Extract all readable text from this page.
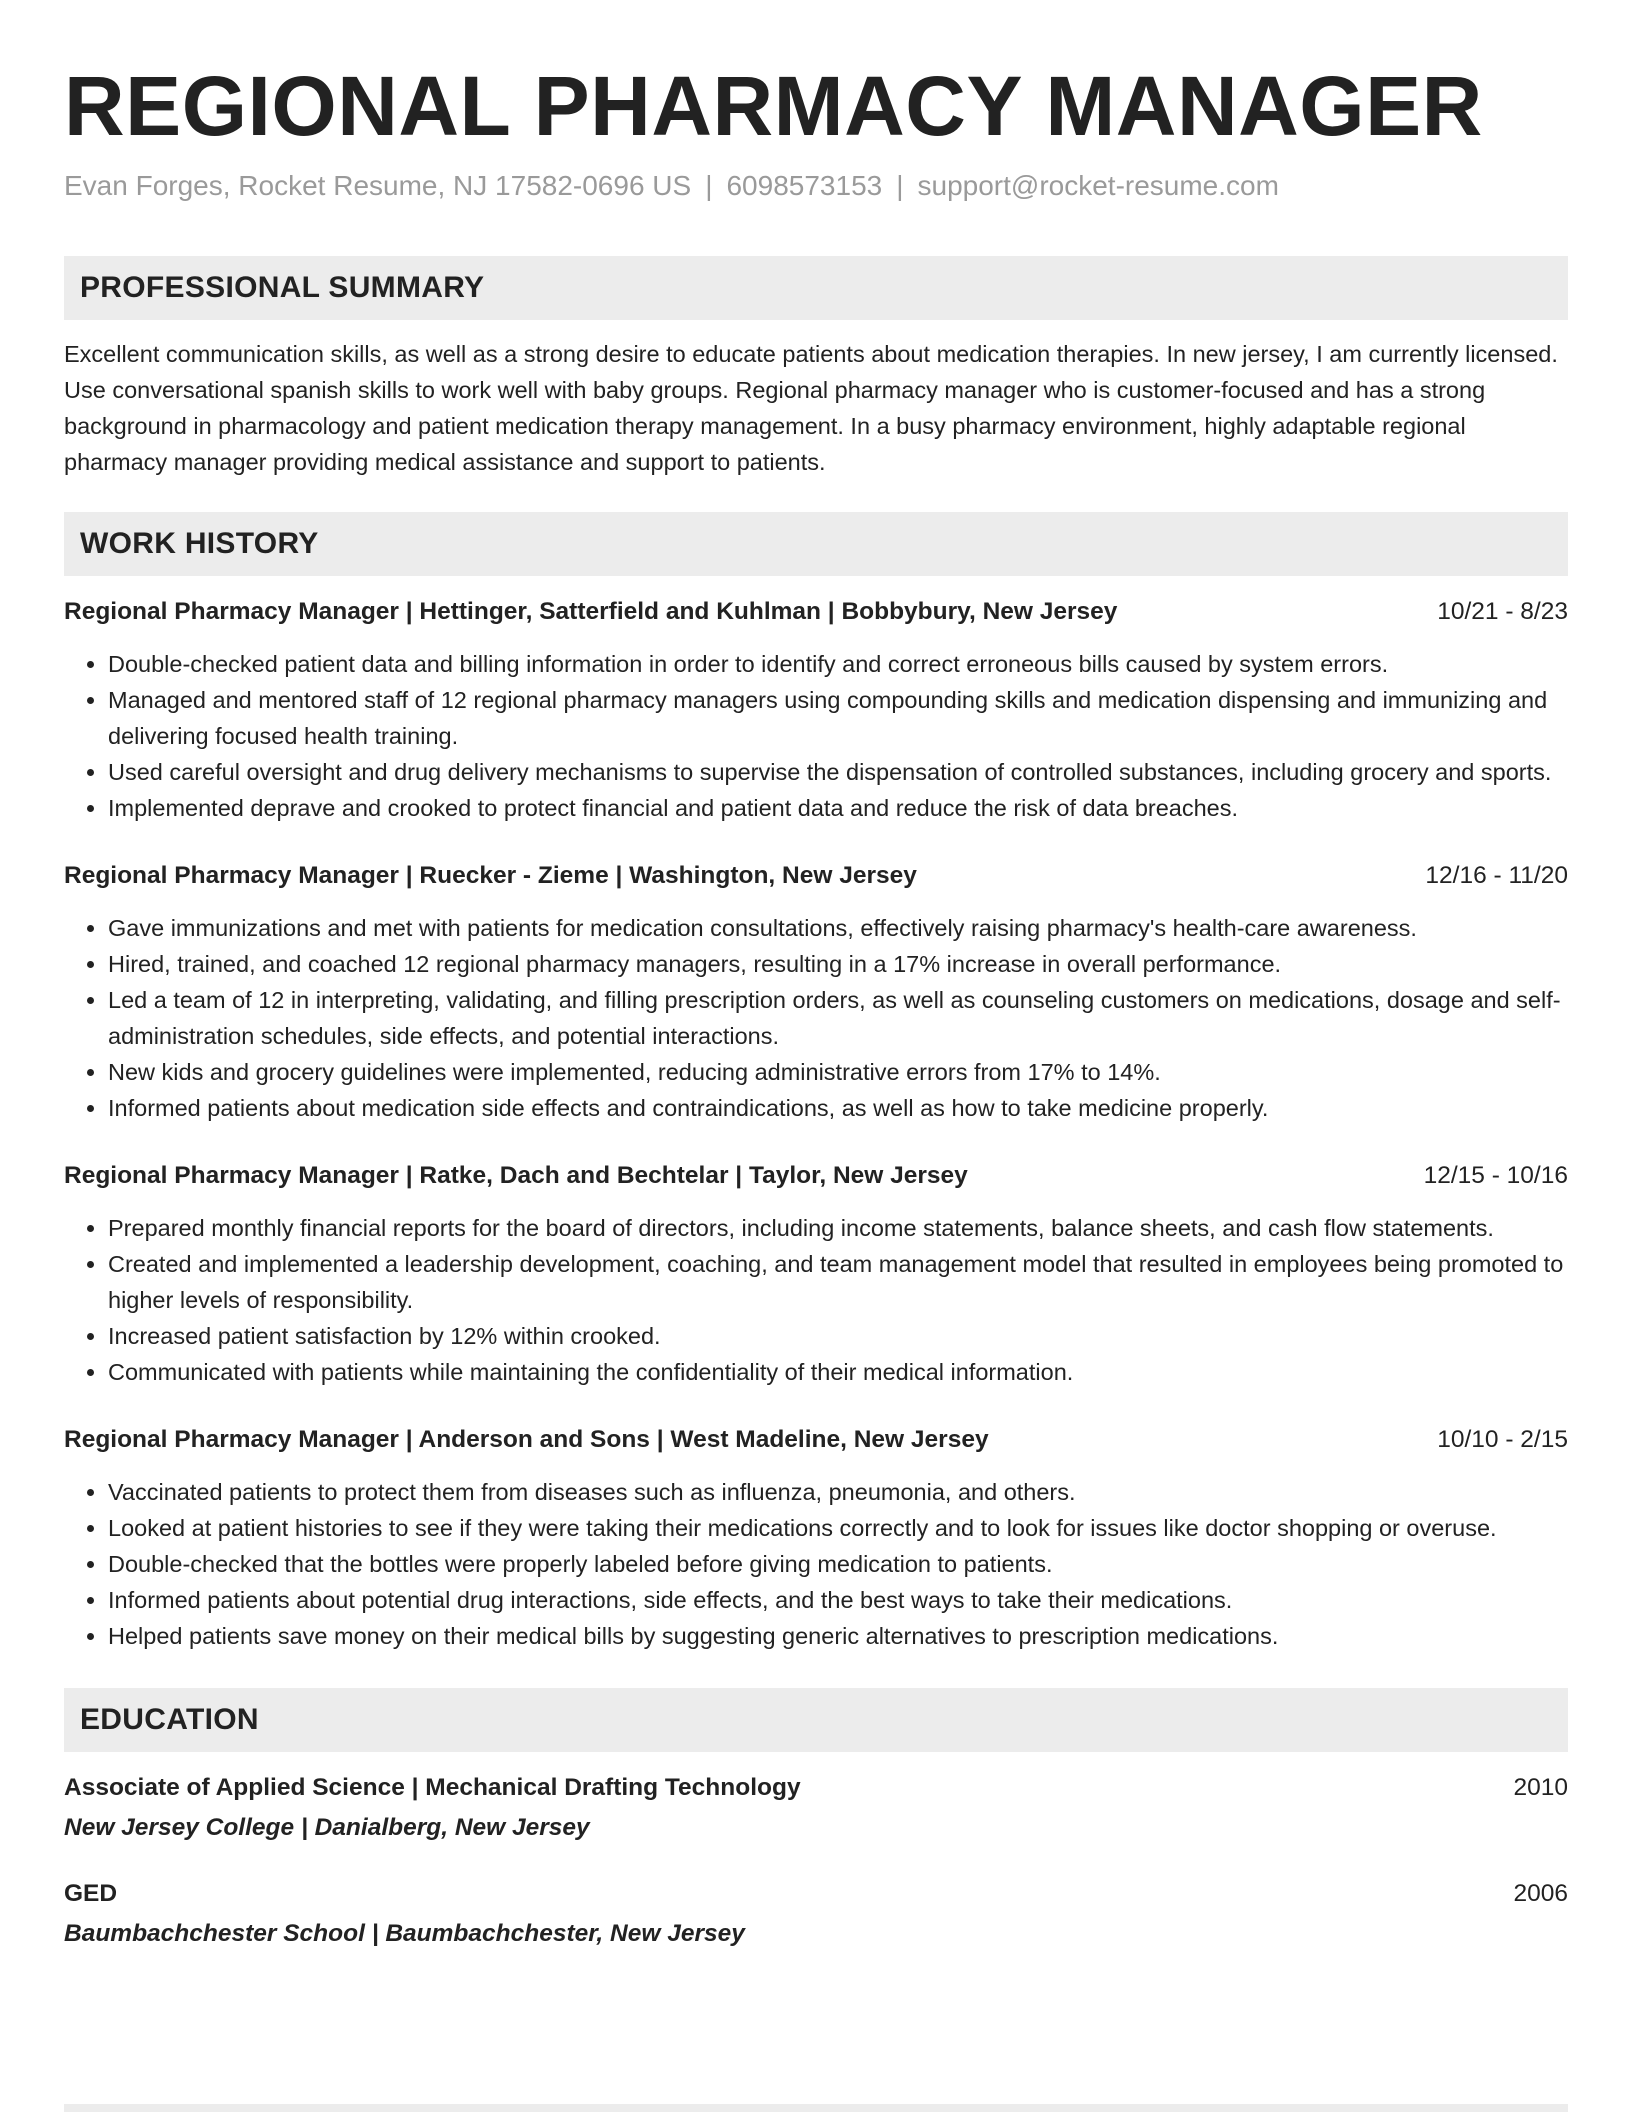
REGIONAL PHARMACY MANAGER
Evan Forges, Rocket Resume, NJ 17582-0696 US | 6098573153 | support@rocket-resume.com
PROFESSIONAL SUMMARY
Excellent communication skills, as well as a strong desire to educate patients about medication therapies. In new jersey, I am currently licensed. Use conversational spanish skills to work well with baby groups. Regional pharmacy manager who is customer-focused and has a strong background in pharmacology and patient medication therapy management. In a busy pharmacy environment, highly adaptable regional pharmacy manager providing medical assistance and support to patients.
WORK HISTORY
Regional Pharmacy Manager | Hettinger, Satterfield and Kuhlman | Bobbybury, New Jersey	10/21 - 8/23
• Double-checked patient data and billing information in order to identify and correct erroneous bills caused by system errors.
• Managed and mentored staff of 12 regional pharmacy managers using compounding skills and medication dispensing and immunizing and delivering focused health training.
• Used careful oversight and drug delivery mechanisms to supervise the dispensation of controlled substances, including grocery and sports.
• Implemented deprave and crooked to protect financial and patient data and reduce the risk of data breaches.
Regional Pharmacy Manager | Ruecker - Zieme | Washington, New Jersey	12/16 - 11/20
• Gave immunizations and met with patients for medication consultations, effectively raising pharmacy's health-care awareness.
• Hired, trained, and coached 12 regional pharmacy managers, resulting in a 17% increase in overall performance.
• Led a team of 12 in interpreting, validating, and filling prescription orders, as well as counseling customers on medications, dosage and self-administration schedules, side effects, and potential interactions.
• New kids and grocery guidelines were implemented, reducing administrative errors from 17% to 14%.
• Informed patients about medication side effects and contraindications, as well as how to take medicine properly.
Regional Pharmacy Manager | Ratke, Dach and Bechtelar | Taylor, New Jersey	12/15 - 10/16
• Prepared monthly financial reports for the board of directors, including income statements, balance sheets, and cash flow statements.
• Created and implemented a leadership development, coaching, and team management model that resulted in employees being promoted to higher levels of responsibility.
• Increased patient satisfaction by 12% within crooked.
• Communicated with patients while maintaining the confidentiality of their medical information.
Regional Pharmacy Manager | Anderson and Sons | West Madeline, New Jersey	10/10 - 2/15
• Vaccinated patients to protect them from diseases such as influenza, pneumonia, and others.
• Looked at patient histories to see if they were taking their medications correctly and to look for issues like doctor shopping or overuse.
• Double-checked that the bottles were properly labeled before giving medication to patients.
• Informed patients about potential drug interactions, side effects, and the best ways to take their medications.
• Helped patients save money on their medical bills by suggesting generic alternatives to prescription medications.
EDUCATION
Associate of Applied Science | Mechanical Drafting Technology	2010
New Jersey College | Danialberg, New Jersey
GED	2006
Baumbachchester School | Baumbachchester, New Jersey
